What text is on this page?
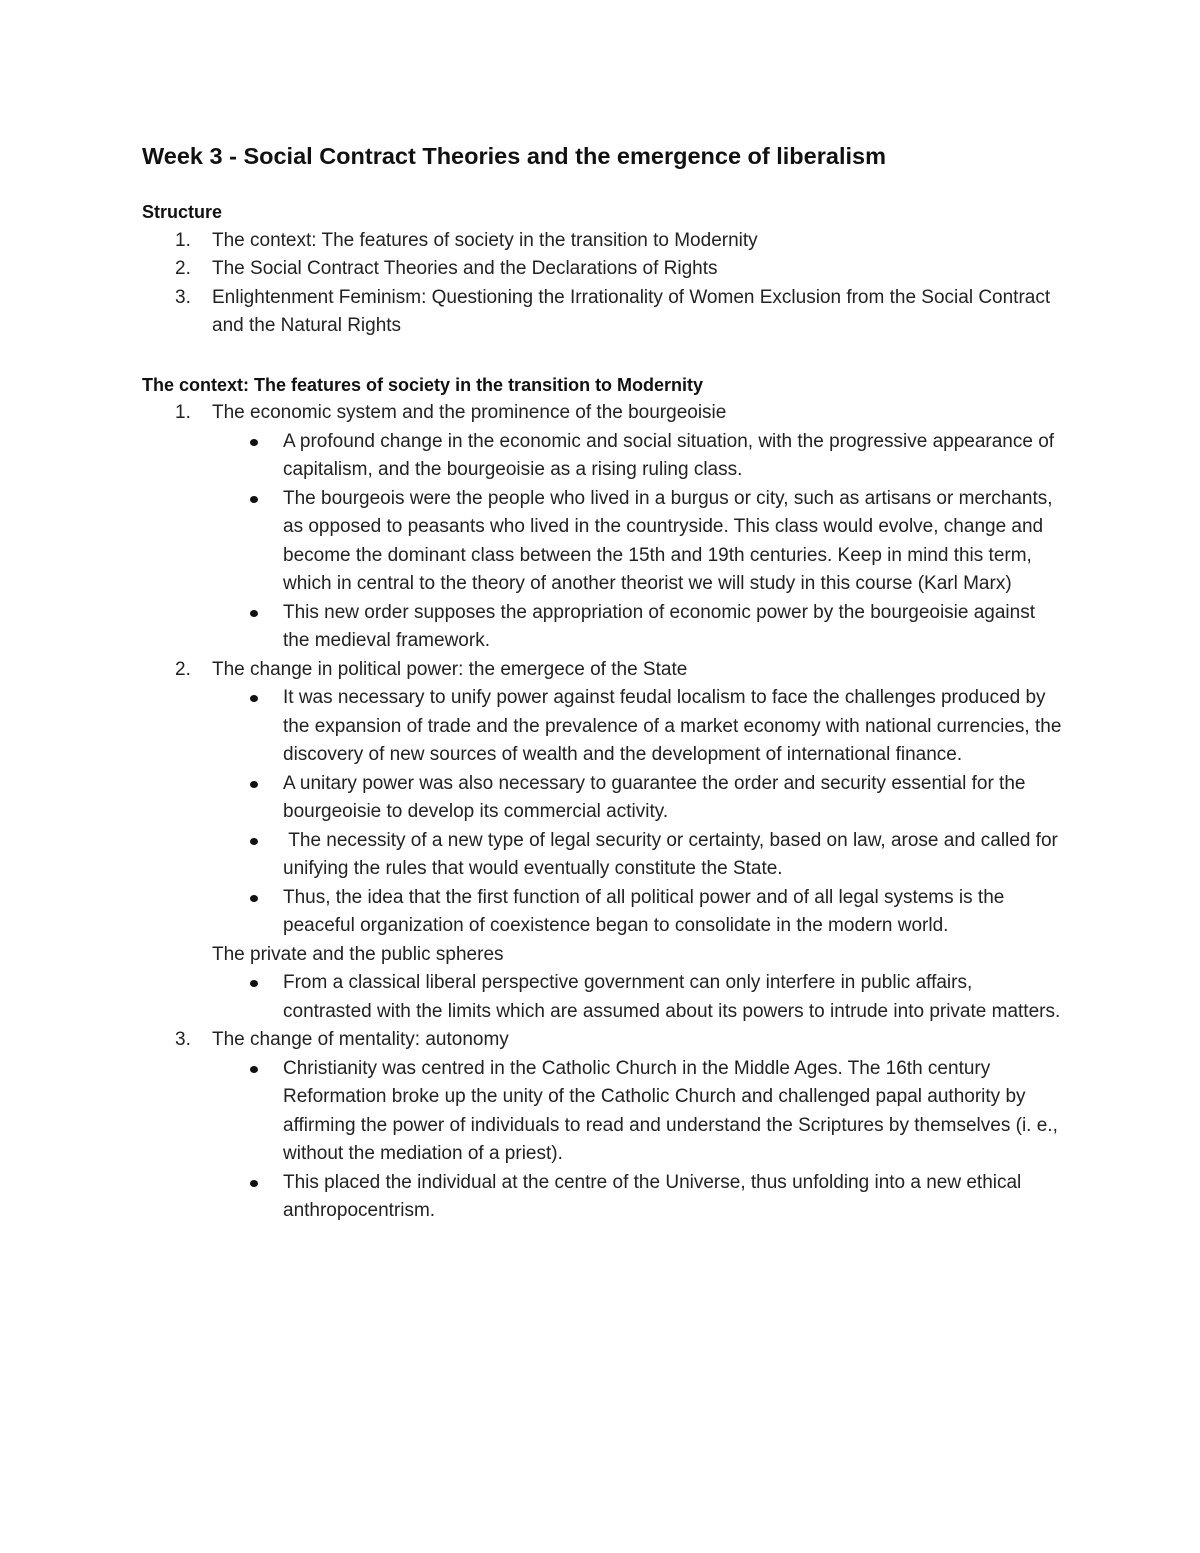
Week 3 - Social Contract Theories and the emergence of liberalism
Structure
1. The context: The features of society in the transition to Modernity
2. The Social Contract Theories and the Declarations of Rights
3. Enlightenment Feminism: Questioning the Irrationality of Women Exclusion from the Social Contract and the Natural Rights
The context: The features of society in the transition to Modernity
1. The economic system and the prominence of the bourgeoisie
A profound change in the economic and social situation, with the progressive appearance of capitalism, and the bourgeoisie as a rising ruling class.
The bourgeois were the people who lived in a burgus or city, such as artisans or merchants, as opposed to peasants who lived in the countryside. This class would evolve, change and become the dominant class between the 15th and 19th centuries. Keep in mind this term, which in central to the theory of another theorist we will study in this course (Karl Marx)
This new order supposes the appropriation of economic power by the bourgeoisie against the medieval framework.
2. The change in political power: the emergece of the State
It was necessary to unify power against feudal localism to face the challenges produced by the expansion of trade and the prevalence of a market economy with national currencies, the discovery of new sources of wealth and the development of international finance.
A unitary power was also necessary to guarantee the order and security essential for the bourgeoisie to develop its commercial activity.
The necessity of a new type of legal security or certainty, based on law, arose and called for unifying the rules that would eventually constitute the State.
Thus, the idea that the first function of all political power and of all legal systems is the peaceful organization of coexistence began to consolidate in the modern world.

The private and the public spheres

From a classical liberal perspective government can only interfere in public affairs, contrasted with the limits which are assumed about its powers to intrude into private matters.
3. The change of mentality: autonomy
Christianity was centred in the Catholic Church in the Middle Ages. The 16th century Reformation broke up the unity of the Catholic Church and challenged papal authority by affirming the power of individuals to read and understand the Scriptures by themselves (i. e., without the mediation of a priest).
This placed the individual at the centre of the Universe, thus unfolding into a new ethical anthropocentrism.
